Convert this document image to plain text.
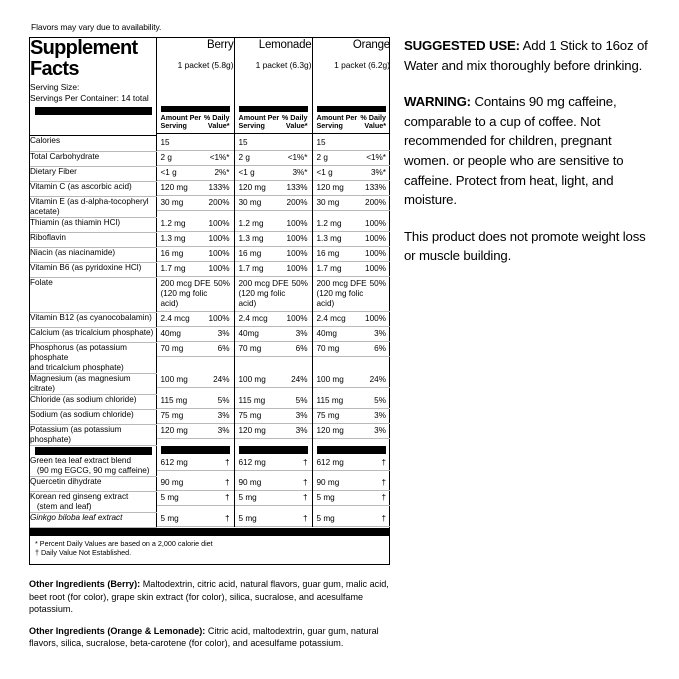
Flavors may vary due to availability.
Supplement Facts
Serving Size:
Servings Per Container: 14 total

Berry
1 packet (5.8g)

Lemonade
1 packet (6.3g)

Orange
1 packet (6.2g)

	Amount Per
Serving
% Daily
Value*	Amount Per
Serving
% Daily
Value*	Amount Per
Serving
% Daily
Value*

Calories	15	15	15

Total Carbohydrate	2 g <1%*	2 g <1%*	2 g <1%*

Dietary Fiber	<1 g 2%*	<1 g 3%*	<1 g 3%*

Vitamin C (as ascorbic acid)	120 mg 133%	120 mg 133%	120 mg 133%

Vitamin E (as d-alpha-tocopheryl
acetate)	30 mg 200%	30 mg 200%	30 mg 200%

Thiamin (as thiamin HCl)	1.2 mg 100%	1.2 mg 100%	1.2 mg 100%

Riboflavin	1.3 mg 100%	1.3 mg 100%	1.3 mg 100%

Niacin (as niacinamide)	16 mg 100%	16 mg 100%	16 mg 100%

Vitamin B6 (as pyridoxine HCl)	1.7 mg 100%	1.7 mg 100%	1.7 mg 100%

Folate	200 mcg DFE
(120 mg folic
acid)
50%	200 mcg DFE
(120 mg folic
acid)
50%	200 mcg DFE
(120 mg folic
acid)
50%

Vitamin B12 (as cyanocobalamin)	2.4 mcg 100%	2.4 mcg 100%	2.4 mcg 100%

Calcium (as tricalcium phosphate)	40mg 3%	40mg 3%	40mg 3%

Phosphorus (as potassium phosphate
and tricalcium phosphate)	70 mg 6%	70 mg 6%	70 mg 6%

Magnesium (as magnesium citrate)	100 mg 24%	100 mg 24%	100 mg 24%

Chloride (as sodium chloride)	115 mg 5%	115 mg 5%	115 mg 5%

Sodium (as sodium chloride)	75 mg 3%	75 mg 3%	75 mg 3%

Potassium (as potassium phosphate)	120 mg 3%	120 mg 3%	120 mg 3%

Green tea leaf extract blend
(90 mg EGCG, 90 mg caffeine)	612 mg †	612 mg †	612 mg †

Quercetin dihydrate	90 mg †	90 mg †	90 mg †

Korean red ginseng extract
(stem and leaf)	5 mg †	5 mg †	5 mg †

Ginkgo biloba leaf extract	5 mg †	5 mg †	5 mg †
* Percent Daily Values are based on a 2,000 calorie diet
† Daily Value Not Established.

Other Ingredients (Berry): Maltodextrin, citric acid, natural flavors, guar gum, malic acid, beet root (for color), grape skin extract (for color), silica, sucralose, and acesulfame potassium.

Other Ingredients (Orange & Lemonade): Citric acid, maltodextrin, guar gum, natural flavors, silica, sucralose, beta-carotene (for color), and acesulfame potassium.

SUGGESTED USE: Add 1 Stick to 16oz of Water and mix thoroughly before drinking.

WARNING: Contains 90 mg caffeine, comparable to a cup of coffee. Not recommended for children, pregnant women. or people who are sensitive to caffeine. Protect from heat, light, and moisture.

This product does not promote weight loss or muscle building.
